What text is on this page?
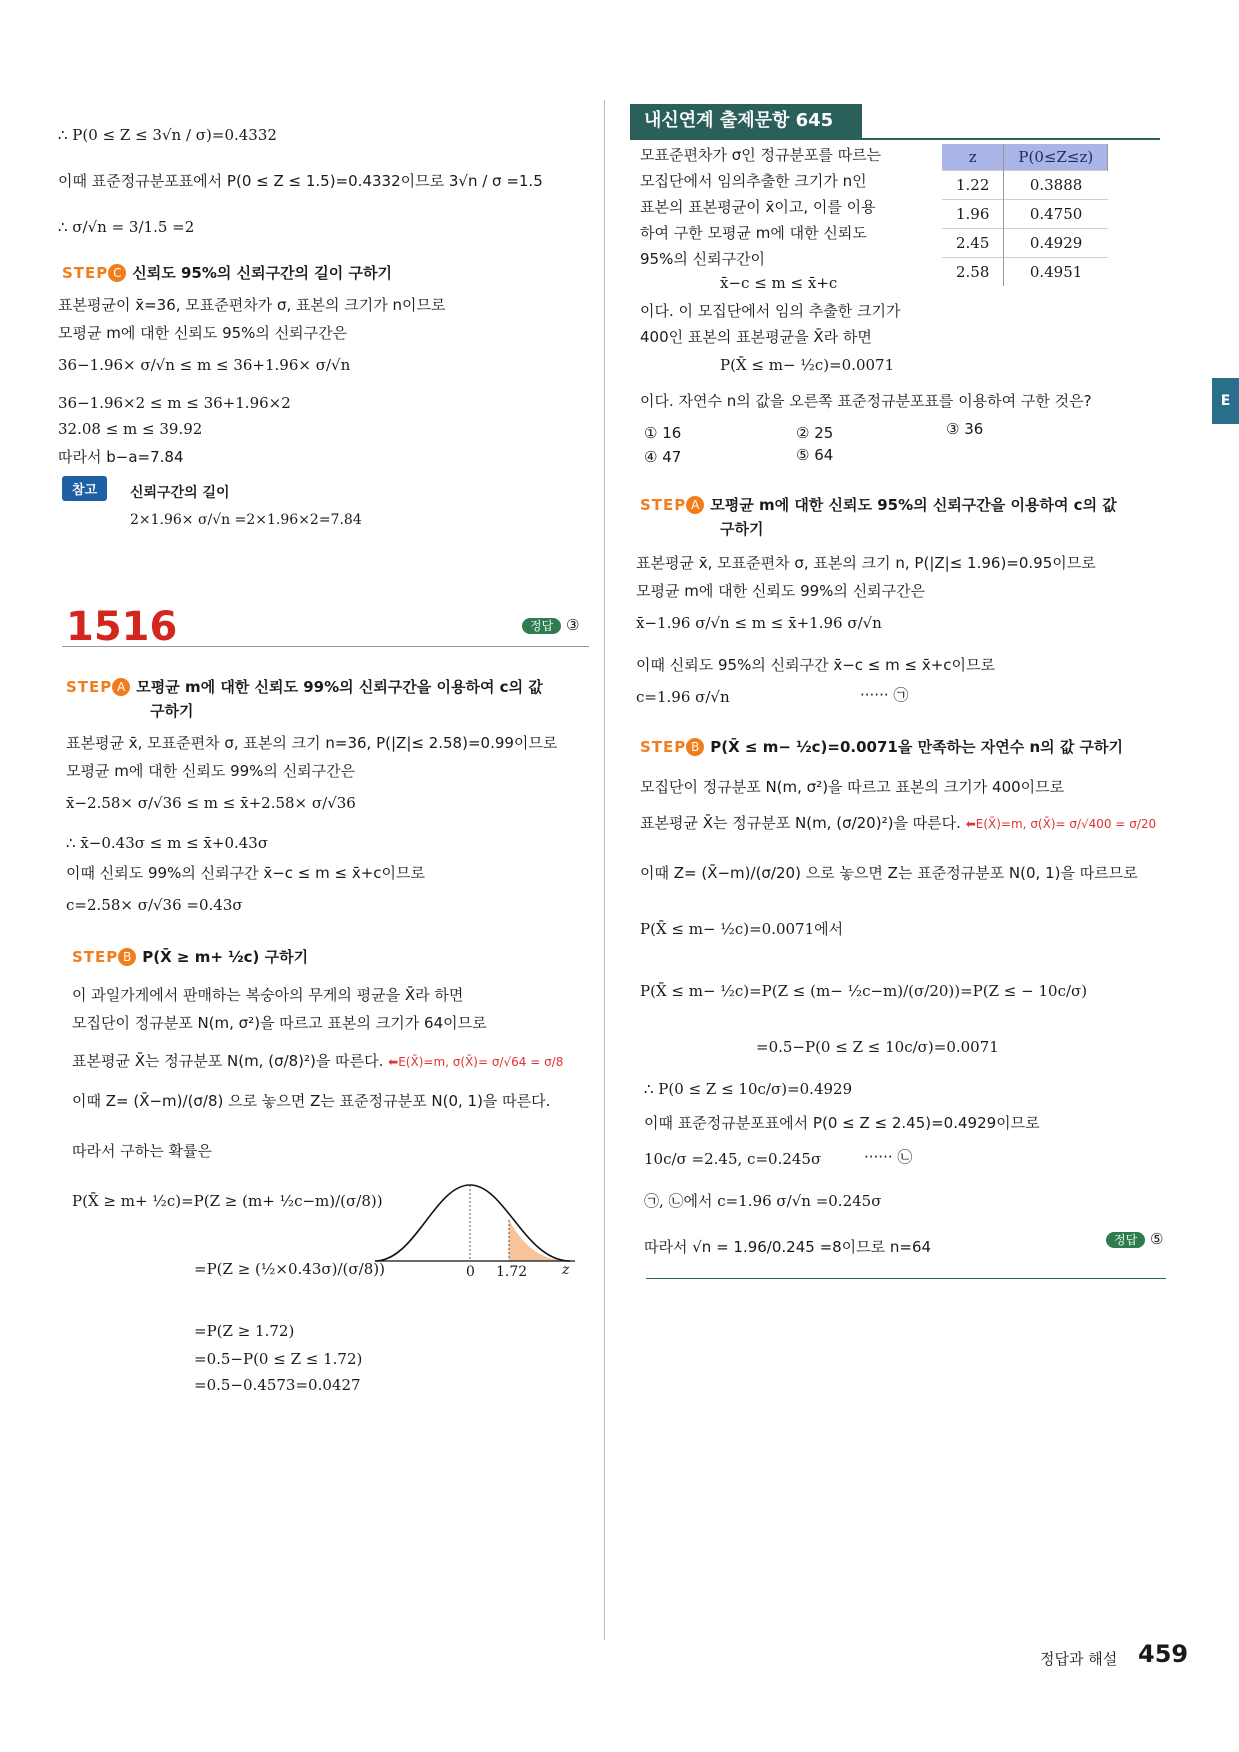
∴ P(0 ≤ Z ≤ 3√n / σ)=0.4332
이때 표준정규분포표에서 P(0 ≤ Z ≤ 1.5)=0.4332이므로 3√n / σ =1.5
∴ σ/√n = 3/1.5 =2
STEP C 신뢰도 95%의 신뢰구간의 길이 구하기
표본평균이 x̄=36, 모표준편차가 σ, 표본의 크기가 n이므로
모평균 m에 대한 신뢰도 95%의 신뢰구간은
36−1.96× σ/√n ≤ m ≤ 36+1.96× σ/√n
36−1.96×2 ≤ m ≤ 36+1.96×2
32.08 ≤ m ≤ 39.92
따라서 b−a=7.84
참고	신뢰구간의 길이
2×1.96× σ/√n =2×1.96×2=7.84
1516	정답 ③
STEP A 모평균 m에 대한 신뢰도 99%의 신뢰구간을 이용하여 c의 값
구하기
표본평균 x̄, 모표준편차 σ, 표본의 크기 n=36, P(|Z|≤ 2.58)=0.99이므로
모평균 m에 대한 신뢰도 99%의 신뢰구간은
x̄−2.58× σ/√36 ≤ m ≤ x̄+2.58× σ/√36
∴ x̄−0.43σ ≤ m ≤ x̄+0.43σ
이때 신뢰도 99%의 신뢰구간 x̄−c ≤ m ≤ x̄+c이므로
c=2.58× σ/√36 =0.43σ
STEP B P(X̄ ≥ m+ ½c) 구하기
이 과일가게에서 판매하는 복숭아의 무게의 평균을 X̄라 하면
모집단이 정규분포 N(m, σ²)을 따르고 표본의 크기가 64이므로
표본평균 X̄는 정규분포 N(m, (σ/8)²)을 따른다. ⬅E(X̄)=m, σ(X̄)= σ/√64 = σ/8
이때 Z= (X̄−m)/(σ/8) 으로 놓으면 Z는 표준정규분포 N(0, 1)을 따른다.
따라서 구하는 확률은
P(X̄ ≥ m+ ½c)=P(Z ≥ (m+ ½c−m)/(σ/8))
=P(Z ≥ (½×0.43σ)/(σ/8))
=P(Z ≥ 1.72)
=0.5−P(0 ≤ Z ≤ 1.72)
=0.5−0.4573=0.0427
0 1.72 z
내신연계 출제문항 645
모표준편차가 σ인 정규분포를 따르는
모집단에서 임의추출한 크기가 n인
표본의 표본평균이 x̄이고, 이를 이용
하여 구한 모평균 m에 대한 신뢰도
95%의 신뢰구간이
x̄−c ≤ m ≤ x̄+c
이다. 이 모집단에서 임의 추출한 크기가
400인 표본의 표본평균을 X̄라 하면
P(X̄ ≤ m− ½c)=0.0071
이다. 자연수 n의 값을 오른쪽 표준정규분포표를 이용하여 구한 것은?
z	P(0≤Z≤z)
1.22	0.3888
1.96	0.4750
2.45	0.4929
2.58	0.4951
① 16	② 25	③ 36
④ 47	⑤ 64
STEP A 모평균 m에 대한 신뢰도 95%의 신뢰구간을 이용하여 c의 값
구하기
표본평균 x̄, 모표준편차 σ, 표본의 크기 n, P(|Z|≤ 1.96)=0.95이므로
모평균 m에 대한 신뢰도 99%의 신뢰구간은
x̄−1.96 σ/√n ≤ m ≤ x̄+1.96 σ/√n
이때 신뢰도 95%의 신뢰구간 x̄−c ≤ m ≤ x̄+c이므로
c=1.96 σ/√n	······ ㉠
STEP B P(X̄ ≤ m− ½c)=0.0071을 만족하는 자연수 n의 값 구하기
모집단이 정규분포 N(m, σ²)을 따르고 표본의 크기가 400이므로
표본평균 X̄는 정규분포 N(m, (σ/20)²)을 따른다. ⬅E(X̄)=m, σ(X̄)= σ/√400 = σ/20
이때 Z= (X̄−m)/(σ/20) 으로 놓으면 Z는 표준정규분포 N(0, 1)을 따르므로
P(X̄ ≤ m− ½c)=0.0071에서
P(X̄ ≤ m− ½c)=P(Z ≤ (m− ½c−m)/(σ/20))=P(Z ≤ − 10c/σ)
=0.5−P(0 ≤ Z ≤ 10c/σ)=0.0071
∴ P(0 ≤ Z ≤ 10c/σ)=0.4929
이때 표준정규분포표에서 P(0 ≤ Z ≤ 2.45)=0.4929이므로
10c/σ =2.45, c=0.245σ	······ ㉡
㉠, ㉡에서 c=1.96 σ/√n =0.245σ
따라서 √n = 1.96/0.245 =8이므로 n=64	정답 ⑤
E
정답과 해설 459
